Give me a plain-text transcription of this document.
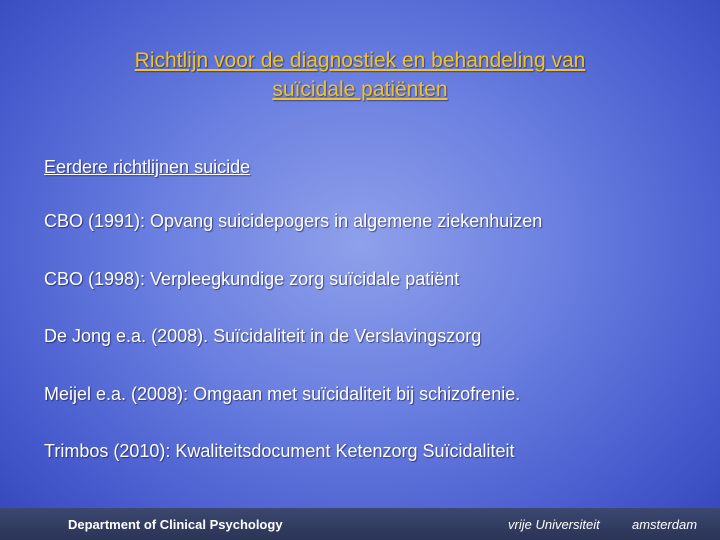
Richtlijn voor de diagnostiek en behandeling van
suïcidale patiënten
Eerdere richtlijnen suicide
CBO (1991): Opvang suicidepogers in algemene ziekenhuizen
CBO (1998): Verpleegkundige zorg suïcidale patiënt
De Jong e.a. (2008). Suïcidaliteit in de Verslavingszorg
Meijel e.a. (2008): Omgaan met suïcidaliteit bij schizofrenie.
Trimbos (2010): Kwaliteitsdocument Ketenzorg Suïcidaliteit
Department of Clinical Psychology	vrije Universiteit amsterdam
